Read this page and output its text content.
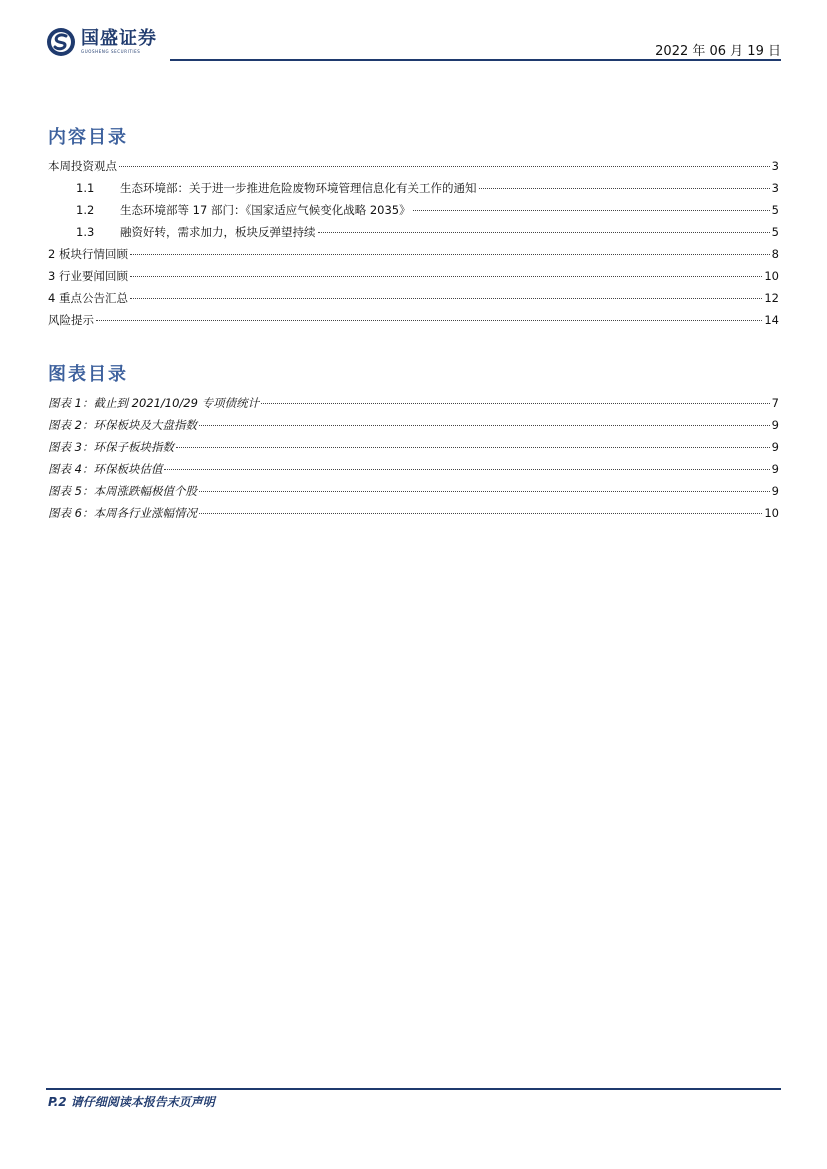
国盛证券
GUOSHENG SECURITIES	2022 年 06 月 19 日
内容目录
本周投资观点	3
1.1	生态环境部：关于进一步推进危险废物环境管理信息化有关工作的通知	3
1.2	生态环境部等 17 部门：《国家适应气候变化战略 2035》	5
1.3	融资好转，需求加力，板块反弹望持续	5
2 板块行情回顾	8
3 行业要闻回顾	10
4 重点公告汇总	12
风险提示	14
图表目录
图表 1：截止到 2021/10/29 专项债统计	7
图表 2：环保板块及大盘指数	9
图表 3：环保子板块指数	9
图表 4：环保板块估值	9
图表 5：本周涨跌幅极值个股	9
图表 6：本周各行业涨幅情况	10
P.2 请仔细阅读本报告末页声明
